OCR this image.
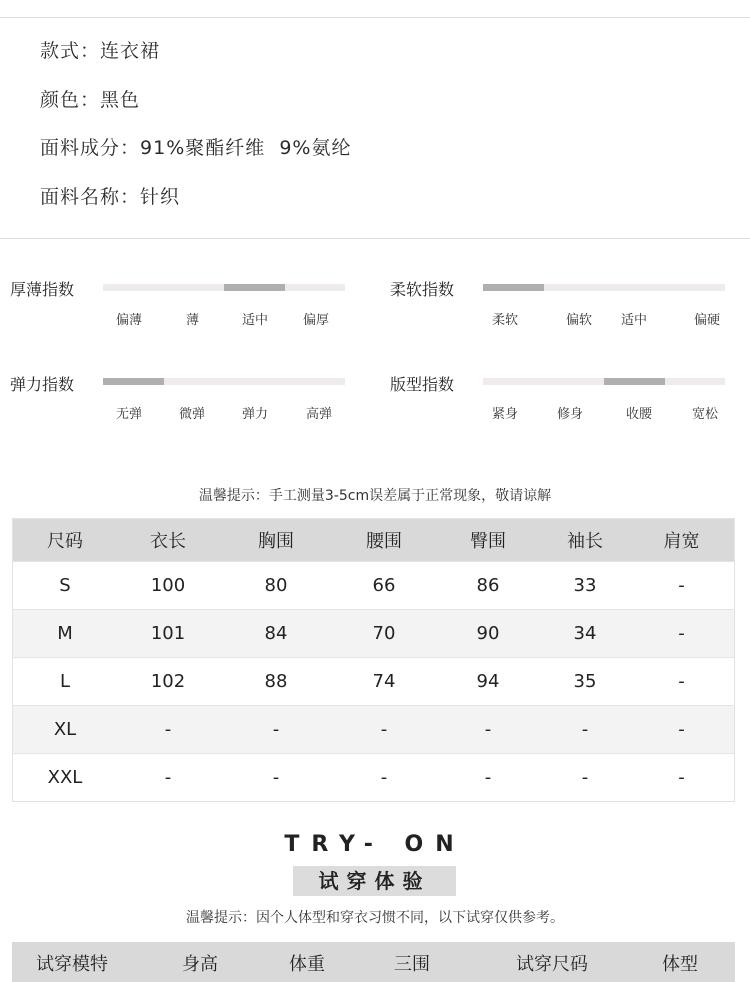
款式：连衣裙
颜色：黑色
面料成分：91%聚酯纤维  9%氨纶
面料名称：针织
厚薄指数
偏薄	薄	适中	偏厚
柔软指数
柔软	偏软 适中	偏硬
弹力指数
无弹	微弹	弹力	高弹
版型指数
紧身	修身	收腰	宽松
温馨提示：手工测量3-5cm误差属于正常现象，敬请谅解
尺码	衣长	胸围	腰围	臀围	袖长	肩宽
S	100	80	66	86	33	-
M	101	84	70	90	34	-
L	102	88	74	94	35	-
XL	-	-	-	-	-	-
XXL	-	-	-	-	-	-
TRY- ON
试穿体验
温馨提示：因个人体型和穿衣习惯不同，以下试穿仅供参考。
试穿模特	身高	体重	三围	试穿尺码	体型
